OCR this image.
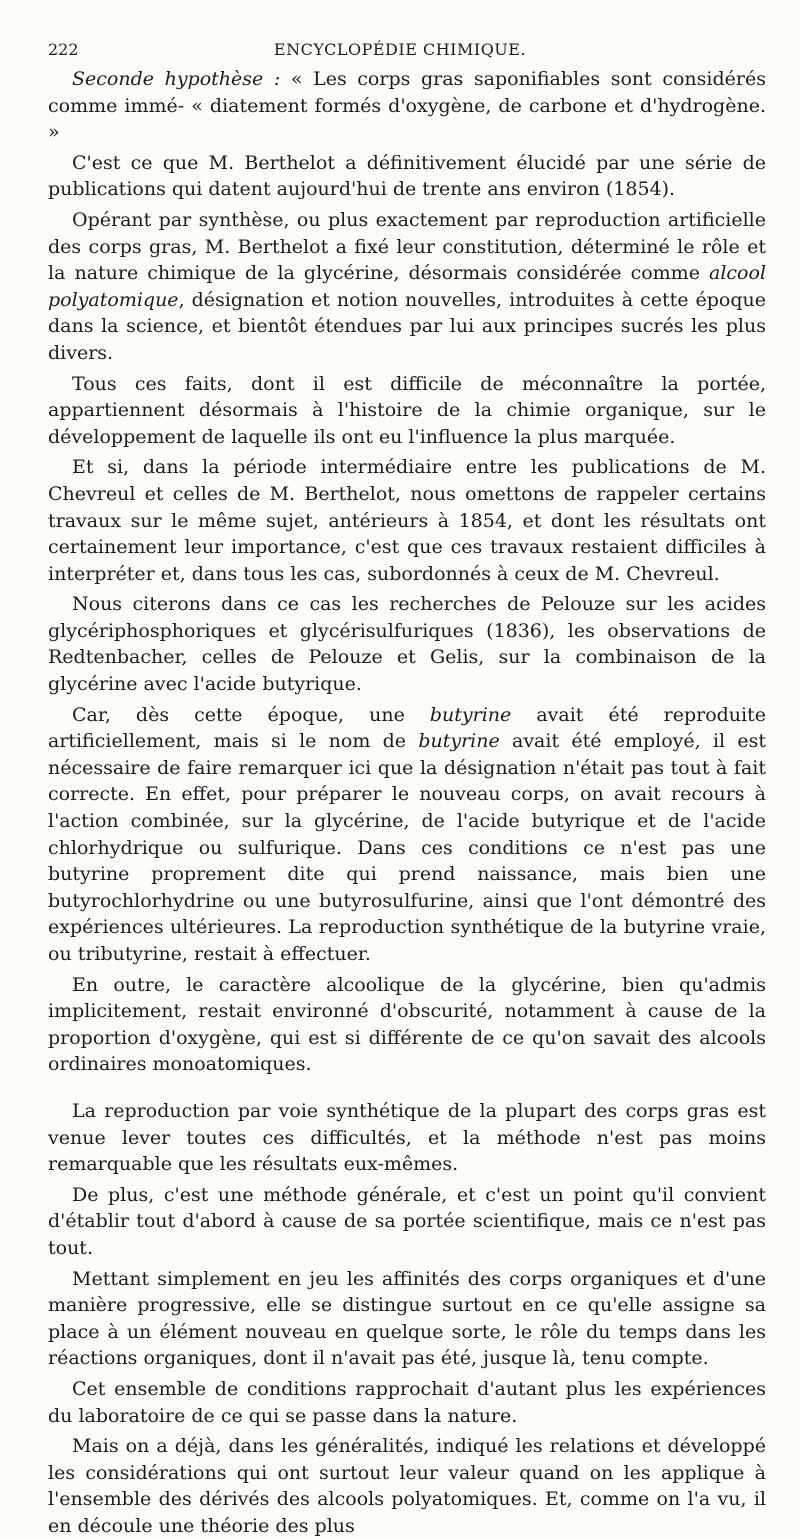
222	ENCYCLOPÉDIE CHIMIQUE.

Seconde hypothèse : « Les corps gras saponifiables sont considérés comme immé- « diatement formés d'oxygène, de carbone et d'hydrogène. »

C'est ce que M. Berthelot a définitivement élucidé par une série de publications qui datent aujourd'hui de trente ans environ (1854).

Opérant par synthèse, ou plus exactement par reproduction artificielle des corps gras, M. Berthelot a fixé leur constitution, déterminé le rôle et la nature chimique de la glycérine, désormais considérée comme alcool polyatomique, désignation et notion nouvelles, introduites à cette époque dans la science, et bientôt étendues par lui aux principes sucrés les plus divers.

Tous ces faits, dont il est difficile de méconnaître la portée, appartiennent désormais à l'histoire de la chimie organique, sur le développement de laquelle ils ont eu l'influence la plus marquée.

Et si, dans la période intermédiaire entre les publications de M. Chevreul et celles de M. Berthelot, nous omettons de rappeler certains travaux sur le même sujet, antérieurs à 1854, et dont les résultats ont certainement leur importance, c'est que ces travaux restaient difficiles à interpréter et, dans tous les cas, subordonnés à ceux de M. Chevreul.

Nous citerons dans ce cas les recherches de Pelouze sur les acides glycériphosphoriques et glycérisulfuriques (1836), les observations de Redtenbacher, celles de Pelouze et Gelis, sur la combinaison de la glycérine avec l'acide butyrique.

Car, dès cette époque, une butyrine avait été reproduite artificiellement, mais si le nom de butyrine avait été employé, il est nécessaire de faire remarquer ici que la désignation n'était pas tout à fait correcte. En effet, pour préparer le nouveau corps, on avait recours à l'action combinée, sur la glycérine, de l'acide butyrique et de l'acide chlorhydrique ou sulfurique. Dans ces conditions ce n'est pas une butyrine proprement dite qui prend naissance, mais bien une butyrochlorhydrine ou une butyrosulfurine, ainsi que l'ont démontré des expériences ultérieures. La reproduction synthétique de la butyrine vraie, ou tributyrine, restait à effectuer.

En outre, le caractère alcoolique de la glycérine, bien qu'admis implicitement, restait environné d'obscurité, notamment à cause de la proportion d'oxygène, qui est si différente de ce qu'on savait des alcools ordinaires monoatomiques.

La reproduction par voie synthétique de la plupart des corps gras est venue lever toutes ces difficultés, et la méthode n'est pas moins remarquable que les résultats eux-mêmes.

De plus, c'est une méthode générale, et c'est un point qu'il convient d'établir tout d'abord à cause de sa portée scientifique, mais ce n'est pas tout.

Mettant simplement en jeu les affinités des corps organiques et d'une manière progressive, elle se distingue surtout en ce qu'elle assigne sa place à un élément nouveau en quelque sorte, le rôle du temps dans les réactions organiques, dont il n'avait pas été, jusque là, tenu compte.

Cet ensemble de conditions rapprochait d'autant plus les expériences du laboratoire de ce qui se passe dans la nature.

Mais on a déjà, dans les généralités, indiqué les relations et développé les considérations qui ont surtout leur valeur quand on les applique à l'ensemble des dérivés des alcools polyatomiques. Et, comme on l'a vu, il en découle une théorie des plus
